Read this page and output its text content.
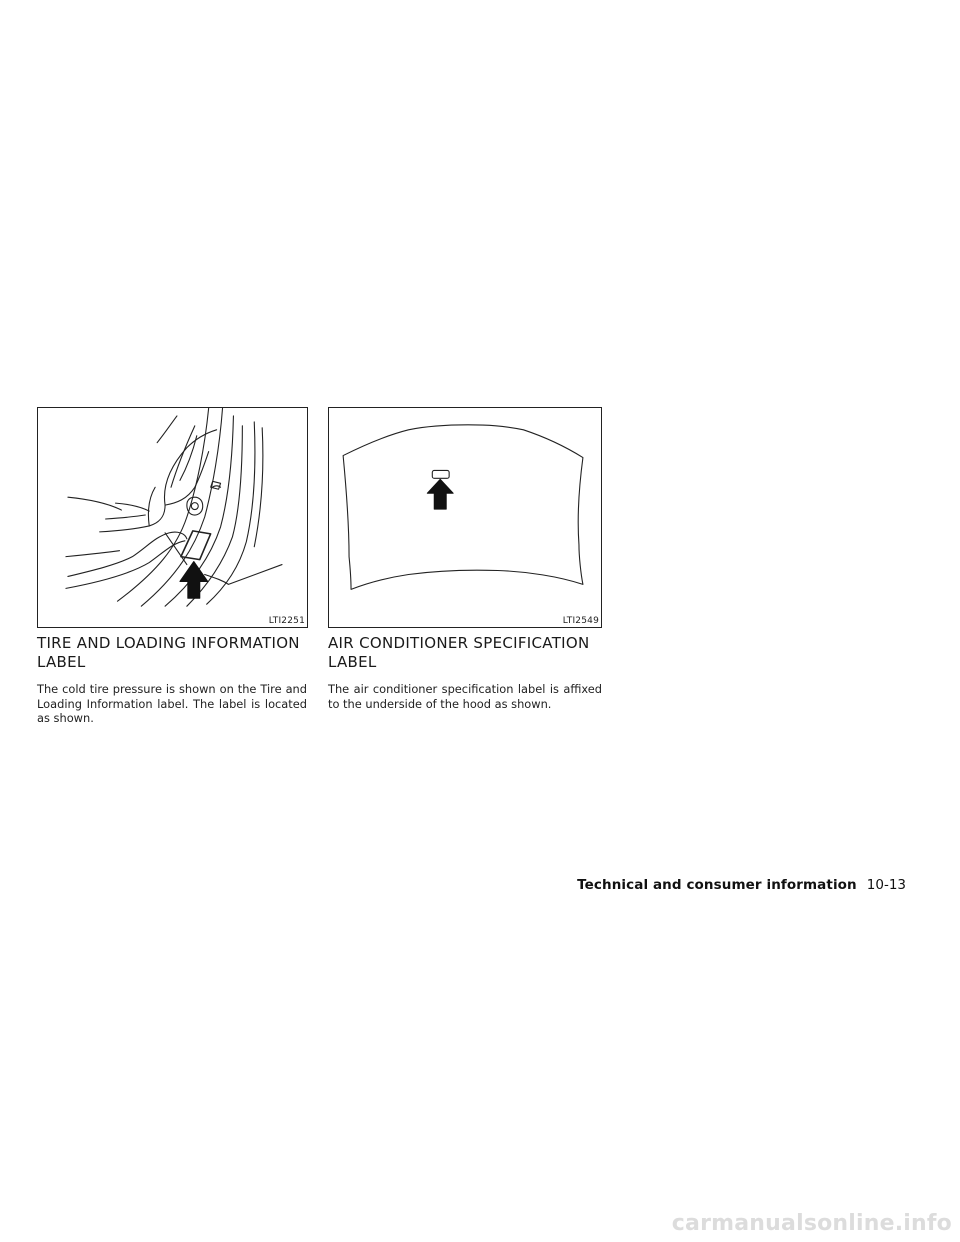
LTI2251	LTI2549
TIRE AND LOADING INFORMATION LABEL

The cold tire pressure is shown on the Tire and Loading Information label. The label is located as shown.

AIR CONDITIONER SPECIFICATION LABEL

The air conditioner specification label is affixed to the underside of the hood as shown.

Technical and consumer information 10-13
carmanualsonline.info
